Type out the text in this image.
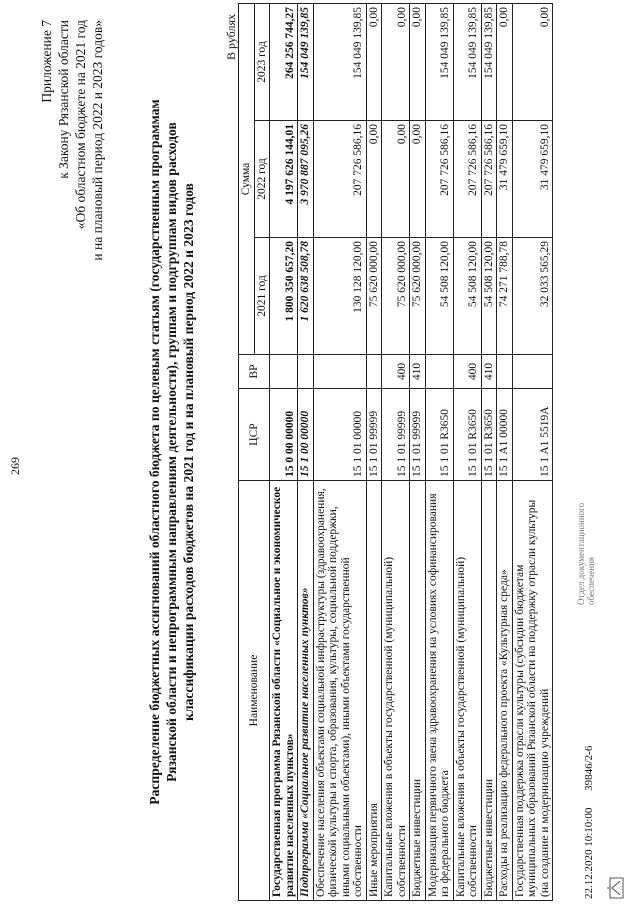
269
Приложение 7 к Закону Рязанской области «Об областном бюджете на 2021 год и на плановый период 2022 и 2023 годов»	Распределение бюджетных ассигнований областного бюджета по целевым статьям (государственным программам Рязанской области и непрограммным направлениям деятельности), группам и подгруппам видов расходов классификации расходов бюджетов на 2021 год и на плановый период 2022 и 2023 годов
В рублях
Наименование	ЦСР	ВР	Сумма		
			2021 год	2022 год	2023 год
Государственная программа Рязанской области «Социальное и экономическое развитие населенных пунктов»	15 0 00 00000		1 800 350 657,20	4 197 626 144,01	264 256 744,27
Подпрограмма «Социальное развитие населенных пунктов»	15 1 00 00000		1 620 638 508,78	3 970 887 095,26	154 049 139,85
Обеспечение населения объектами социальной инфраструктуры (здравоохранения, физической культуры и спорта, образования, культуры, социальной поддержки, иными социальными объектами), иными объектами государственной собственности	15 1 01 00000		130 128 120,00	207 726 586,16	154 049 139,85
Иные мероприятия	15 1 01 99999		75 620 000,00	0,00	0,00
Капитальные вложения в объекты государственной (муниципальной) собственности	15 1 01 99999	400	75 620 000,00	0,00	0,00
Бюджетные инвестиции	15 1 01 99999	410	75 620 000,00	0,00	0,00
Модернизация первичного звена здравоохранения на условиях софинансирования из федерального бюджета	15 1 01 R3650		54 508 120,00	207 726 586,16	154 049 139,85
Капитальные вложения в объекты государственной (муниципальной) собственности	15 1 01 R3650	400	54 508 120,00	207 726 586,16	154 049 139,85
Бюджетные инвестиции	15 1 01 R3650	410	54 508 120,00	207 726 586,16	154 049 139,85
Расходы на реализацию федерального проекта «Культурная среда»	15 1 A1 00000		74 271 788,78	31 479 659,10	0,00
Государственная поддержка отрасли культуры (субсидии бюджетам муниципальных образований Рязанской области на поддержку отрасли культуры (на создание и модернизацию учреждений	15 1 A1 5519A		32 033 565,29	31 479 659,10	0,00
22.12.2020 10:10:00 39846/2-6
Отдел документационного обеспечения
